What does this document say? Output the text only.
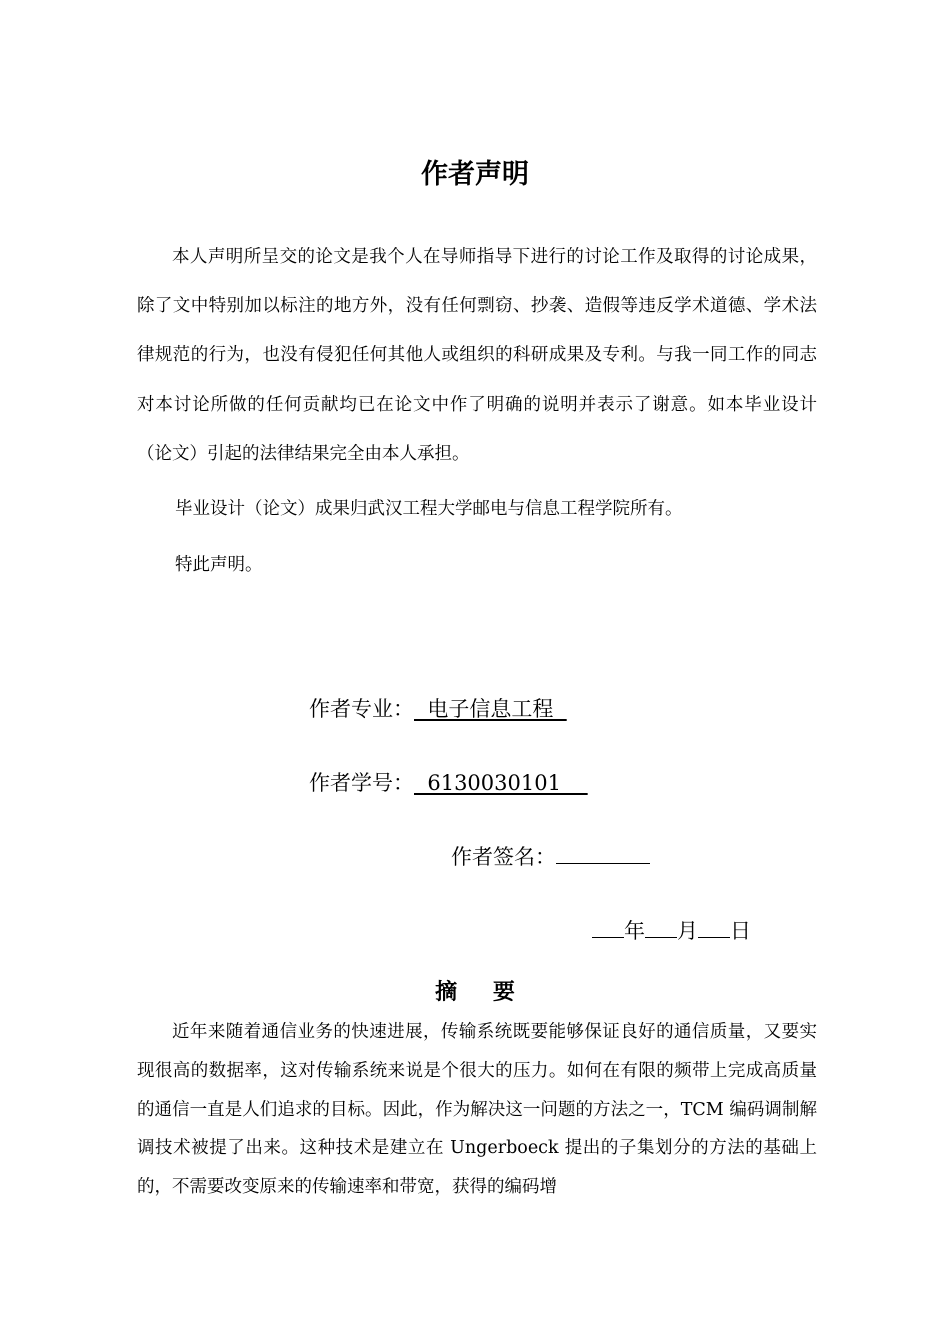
作者声明

本人声明所呈交的论文是我个人在导师指导下进行的讨论工作及取得的讨论成果，除了文中特别加以标注的地方外，没有任何剽窃、抄袭、造假等违反学术道德、学术法律规范的行为，也没有侵犯任何其他人或组织的科研成果及专利。与我一同工作的同志对本讨论所做的任何贡献均已在论文中作了明确的说明并表示了谢意。如本毕业设计（论文）引起的法律结果完全由本人承担。

毕业设计（论文）成果归武汉工程大学邮电与信息工程学院所有。

特此声明。

作者专业：  电子信息工程
作者学号：  6130030101
作者签名：
年 月 日
摘 要

近年来随着通信业务的快速进展，传输系统既要能够保证良好的通信质量，又要实现很高的数据率，这对传输系统来说是个很大的压力。如何在有限的频带上完成高质量的通信一直是人们追求的目标。因此，作为解决这一问题的方法之一，TCM 编码调制解调技术被提了出来。这种技术是建立在 Ungerboeck 提出的子集划分的方法的基础上的，不需要改变原来的传输速率和带宽，获得的编码增
